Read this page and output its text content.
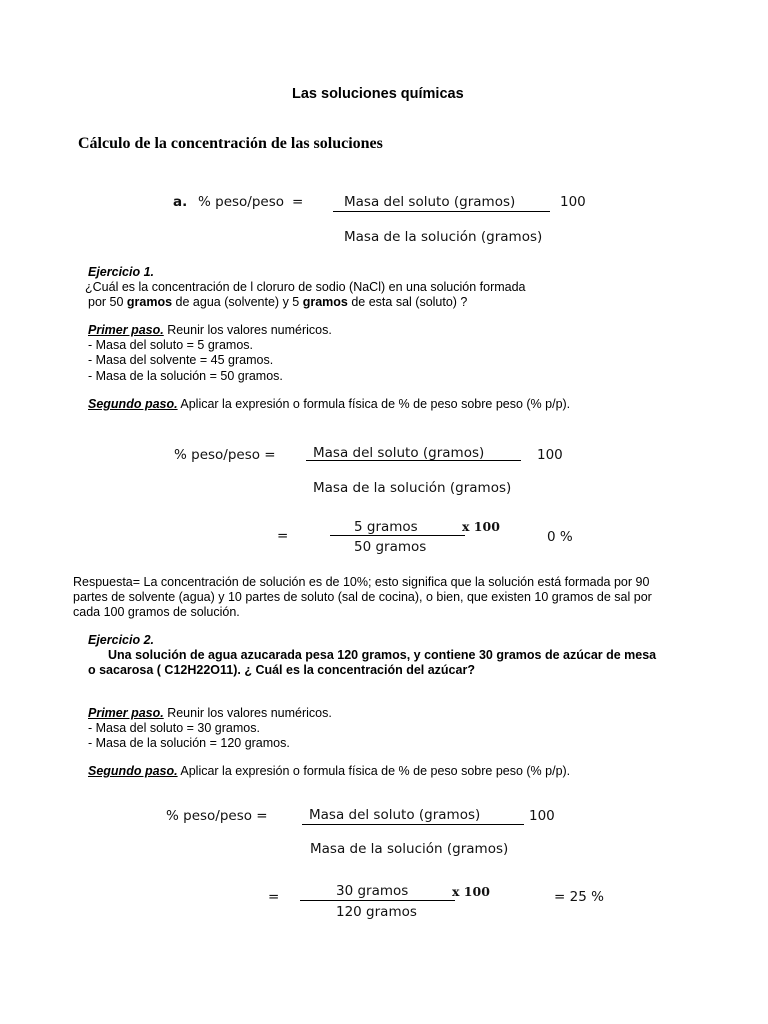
Las soluciones químicas
Cálculo de la concentración de las soluciones
a. % peso/peso =	Masa del soluto (gramos)	100
Masa de la solución (gramos)
Ejercicio 1.
¿Cuál es la concentración de l cloruro de sodio (NaCl) en una solución formada
por 50 gramos de agua (solvente) y 5 gramos de esta sal (soluto) ?
Primer paso. Reunir los valores numéricos.
- Masa del soluto = 5 gramos.
- Masa del solvente = 45 gramos.
- Masa de la solución = 50 gramos.
Segundo paso. Aplicar la expresión o formula física de % de peso sobre peso (% p/p).
% peso/peso =	Masa del soluto (gramos)	100
Masa de la solución (gramos)
=
5 gramos	x 100
50 gramos
0 %
Respuesta= La concentración de solución es de 10%; esto significa que la solución está formada por 90
partes de solvente (agua) y 10 partes de soluto (sal de cocina), o bien, que existen 10 gramos de sal por
cada 100 gramos de solución.
Ejercicio 2.
Una solución de agua azucarada pesa 120 gramos, y contiene 30 gramos de azúcar de mesa
o sacarosa ( C12H22O11). ¿ Cuál es la concentración del azúcar?
Primer paso. Reunir los valores numéricos.
- Masa del soluto = 30 gramos.
- Masa de la solución = 120 gramos.
Segundo paso. Aplicar la expresión o formula física de % de peso sobre peso (% p/p).
% peso/peso =	Masa del soluto (gramos)	100
Masa de la solución (gramos)
=	30 gramos	x 100
120 gramos
= 25 %
